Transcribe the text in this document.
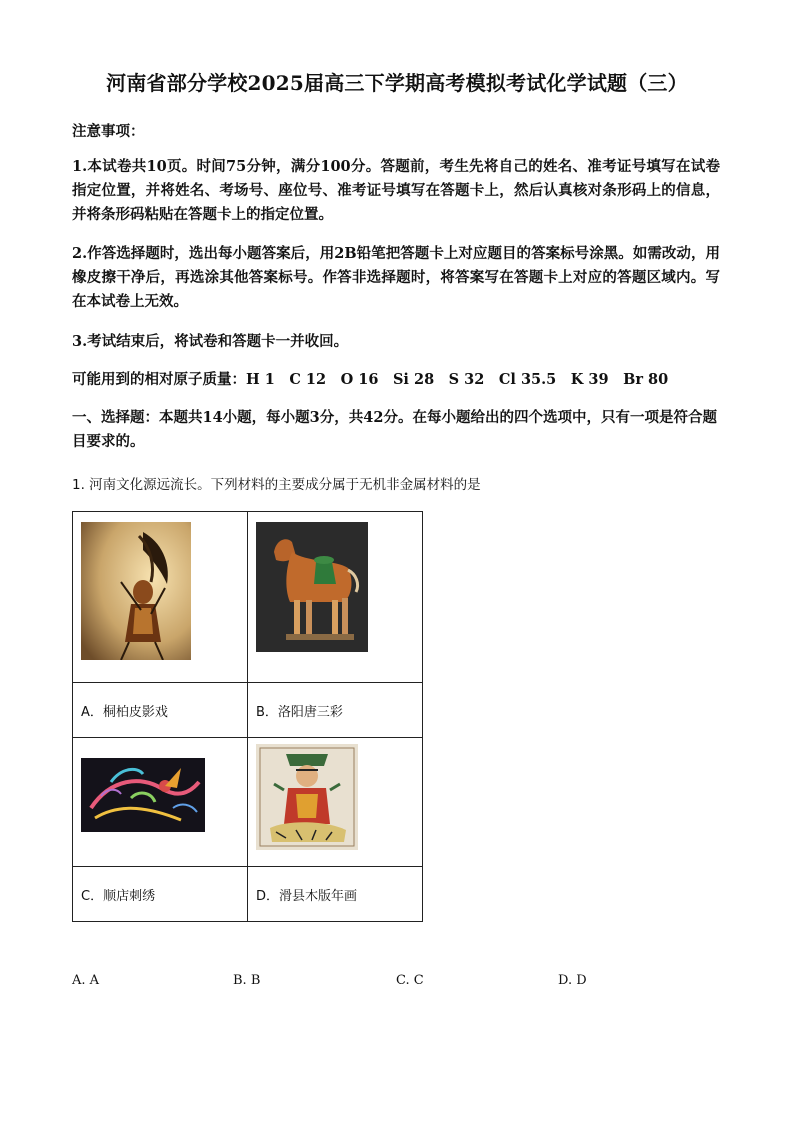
河南省部分学校2025届高三下学期高考模拟考试化学试题（三）
注意事项：
1.本试卷共10页。时间75分钟，满分100分。答题前，考生先将自己的姓名、准考证号填写在试卷指定位置，并将姓名、考场号、座位号、准考证号填写在答题卡上，然后认真核对条形码上的信息，并将条形码粘贴在答题卡上的指定位置。
2.作答选择题时，选出每小题答案后，用2B铅笔把答题卡上对应题目的答案标号涂黑。如需改动，用橡皮擦干净后，再选涂其他答案标号。作答非选择题时，将答案写在答题卡上对应的答题区域内。写在本试卷上无效。
3.考试结束后，将试卷和答题卡一并收回。
可能用到的相对原子质量：H 1　C 12　O 16　Si 28　S 32　Cl 35.5　K 39　Br 80
一、选择题：本题共14小题，每小题3分，共42分。在每小题给出的四个选项中，只有一项是符合题目要求的。
1. 河南文化源远流长。下列材料的主要成分属于无机非金属材料的是

A．桐柏皮影戏	B．洛阳唐三彩

C．顺店刺绣	D．滑县木版年画
A. A	B. B	C. C	D. D
